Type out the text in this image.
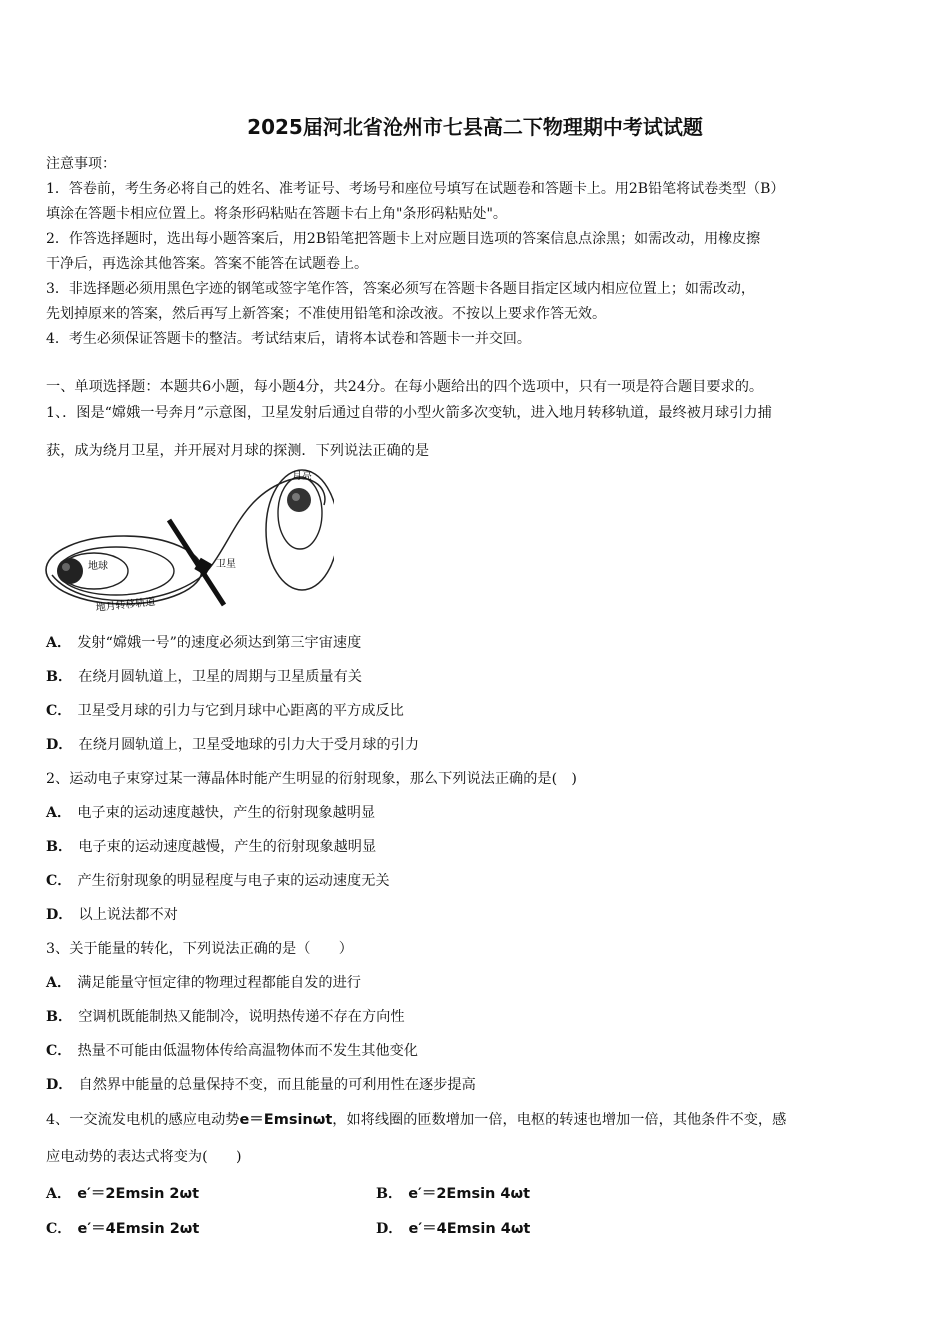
2025届河北省沧州市七县高二下物理期中考试试题
注意事项：
1．答卷前，考生务必将自己的姓名、准考证号、考场号和座位号填写在试题卷和答题卡上。用2B铅笔将试卷类型（B）
填涂在答题卡相应位置上。将条形码粘贴在答题卡右上角"条形码粘贴处"。
2．作答选择题时，选出每小题答案后，用2B铅笔把答题卡上对应题目选项的答案信息点涂黑；如需改动，用橡皮擦
干净后，再选涂其他答案。答案不能答在试题卷上。
3．非选择题必须用黑色字迹的钢笔或签字笔作答，答案必须写在答题卡各题目指定区域内相应位置上；如需改动，
先划掉原来的答案，然后再写上新答案；不准使用铅笔和涂改液。不按以上要求作答无效。
4．考生必须保证答题卡的整洁。考试结束后，请将本试卷和答题卡一并交回。
一、单项选择题：本题共6小题，每小题4分，共24分。在每小题给出的四个选项中，只有一项是符合题目要求的。
1、．图是“嫦娥一号奔月”示意图，卫星发射后通过自带的小型火箭多次变轨，进入地月转移轨道，最终被月球引力捕
获，成为绕月卫星，并开展对月球的探测．下列说法正确的是
月亮
地球	卫星
地月转移轨道
A． 发射“嫦娥一号”的速度必须达到第三宇宙速度
B． 在绕月圆轨道上，卫星的周期与卫星质量有关
C． 卫星受月球的引力与它到月球中心距离的平方成反比
D． 在绕月圆轨道上，卫星受地球的引力大于受月球的引力
2、运动电子束穿过某一薄晶体时能产生明显的衍射现象，那么下列说法正确的是(　)
A． 电子束的运动速度越快，产生的衍射现象越明显
B． 电子束的运动速度越慢，产生的衍射现象越明显
C． 产生衍射现象的明显程度与电子束的运动速度无关
D． 以上说法都不对
3、关于能量的转化，下列说法正确的是（　　）
A． 满足能量守恒定律的物理过程都能自发的进行
B． 空调机既能制热又能制冷，说明热传递不存在方向性
C． 热量不可能由低温物体传给高温物体而不发生其他变化
D． 自然界中能量的总量保持不变，而且能量的可利用性在逐步提高
4、一交流发电机的感应电动势e＝Emsinωt，如将线圈的匝数增加一倍，电枢的转速也增加一倍，其他条件不变，感
应电动势的表达式将变为(　　)
A． e′＝2Emsin 2ωt	B． e′＝2Emsin 4ωt
C． e′＝4Emsin 2ωt	D． e′＝4Emsin 4ωt
